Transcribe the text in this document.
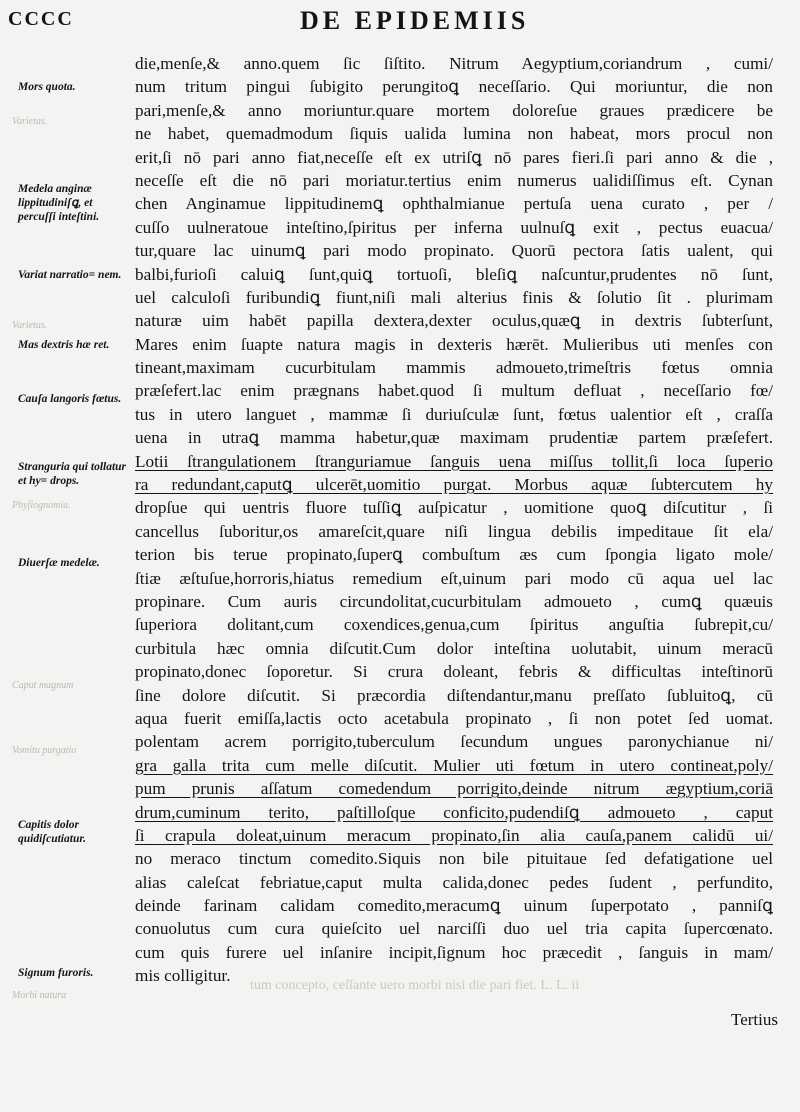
CCCC	DE EPIDEMIIS
Varietas.
Varietas.
Phyſiognomia.
Caput magnum
Vomitu purgatio
Morbi natura
tum concepto, ceſſante uero morbi nisi die pari fiet. L. L. ii
Mors quota.
Medela anginæ lippitudiniſꝗ, et percuſſi inteſtini.
Variat narratio= nem.
Mas dextris hæ ret.
Cauſa langoris fœtus.
Stranguria qui tollatur et hy= drops.
Diuerſæ medelæ.
Capitis dolor quidiſcutiatur.
Signum furoris.
die,menſe,& anno.quem ſic ſiſtito. Nitrum Aegyptium,coriandrum , cumi/
num tritum pingui ſubigito perungitoꝗ neceſſario. Qui moriuntur, die non
pari,menſe,& anno moriuntur.quare mortem doloreſue graues prædicere be
ne habet, quemadmodum ſiquis ualida lumina non habeat, mors procul non
erit,ſi nō pari anno fiat,neceſſe eſt ex utriſꝗ nō pares fieri.ſi pari anno & die ,
neceſſe eſt die nō pari moriatur.tertius enim numerus ualidiſſimus eſt. Cynan
chen Anginamue lippitudinemꝗ ophthalmianue pertuſa uena curato , per /
cuſſo uulneratoue inteſtino,ſpiritus per inferna uulnuſꝗ exit , pectus euacua/
tur,quare lac uinumꝗ pari modo propinato. Quorū pectora ſatis ualent, qui
balbi,furioſi caluiꝗ ſunt,quiꝗ tortuoſi, bleſiꝗ naſcuntur,prudentes nō ſunt,
uel calculoſi furibundiꝗ fiunt,niſi mali alterius finis & ſolutio ſit . plurimam
naturæ uim habēt papilla dextera,dexter oculus,quæꝗ in dextris ſubterſunt,
Mares enim ſuapte natura magis in dexteris hærēt. Mulieribus uti menſes con
tineant,maximam cucurbitulam mammis admoueto,trimeſtris fœtus omnia
præſefert.lac enim prægnans habet.quod ſi multum defluat , neceſſario fœ/
tus in utero languet , mammæ ſi duriuſculæ ſunt, fœtus ualentior eſt , craſſa
uena in utraꝗ mamma habetur,quæ maximam prudentiæ partem præſefert.
Lotii ſtrangulationem ſtranguriamue ſanguis uena miſſus tollit,ſi loca ſuperio
ra redundant,caputꝗ ulcerēt,uomitio purgat. Morbus aquæ ſubtercutem hy
dropſue qui uentris fluore tuſſiꝗ auſpicatur , uomitione quoꝗ diſcutitur , ſi
cancellus ſuboritur,os amareſcit,quare niſi lingua debilis impeditaue ſit ela/
terion bis terue propinato,ſuperꝗ combuſtum æs cum ſpongia ligato mole/
ſtiæ æſtuſue,horroris,hiatus remedium eſt,uinum pari modo cū aqua uel lac
propinare. Cum auris circundolitat,cucurbitulam admoueto , cumꝗ quæuis
ſuperiora dolitant,cum coxendices,genua,cum ſpiritus anguſtia ſubrepit,cu/
curbitula hæc omnia diſcutit.Cum dolor inteſtina uolutabit, uinum meracū
propinato,donec ſoporetur. Si crura doleant, febris & difficultas inteſtinorū
ſine dolore diſcutit. Si præcordia diſtendantur,manu preſſato ſubluitoꝗ, cū
aqua fuerit emiſſa,lactis octo acetabula propinato , ſi non potet ſed uomat.
polentam acrem porrigito,tuberculum ſecundum ungues paronychianue ni/
gra galla trita cum melle diſcutit. Mulier uti fœtum in utero contineat,poly/
pum prunis aſſatum comedendum porrigito,deinde nitrum ægyptium,coriā
drum,cuminum terito, paſtilloſque conficito,pudendiſꝗ admoueto , caput
ſi crapula doleat,uinum meracum propinato,ſin alia cauſa,panem calidū ui/
no meraco tinctum comedito.Siquis non bile pituitaue ſed defatigatione uel
alias caleſcat febriatue,caput multa calida,donec pedes ſudent , perfundito,
deinde farinam calidam comedito,meracumꝗ uinum ſuperpotato , panniſꝗ
conuolutus cum cura quieſcito uel narciſſi duo uel tria capita ſupercœnato.
cum quis furere uel inſanire incipit,ſignum hoc præcedit , ſanguis in mam/
mis colligitur.
Tertius
